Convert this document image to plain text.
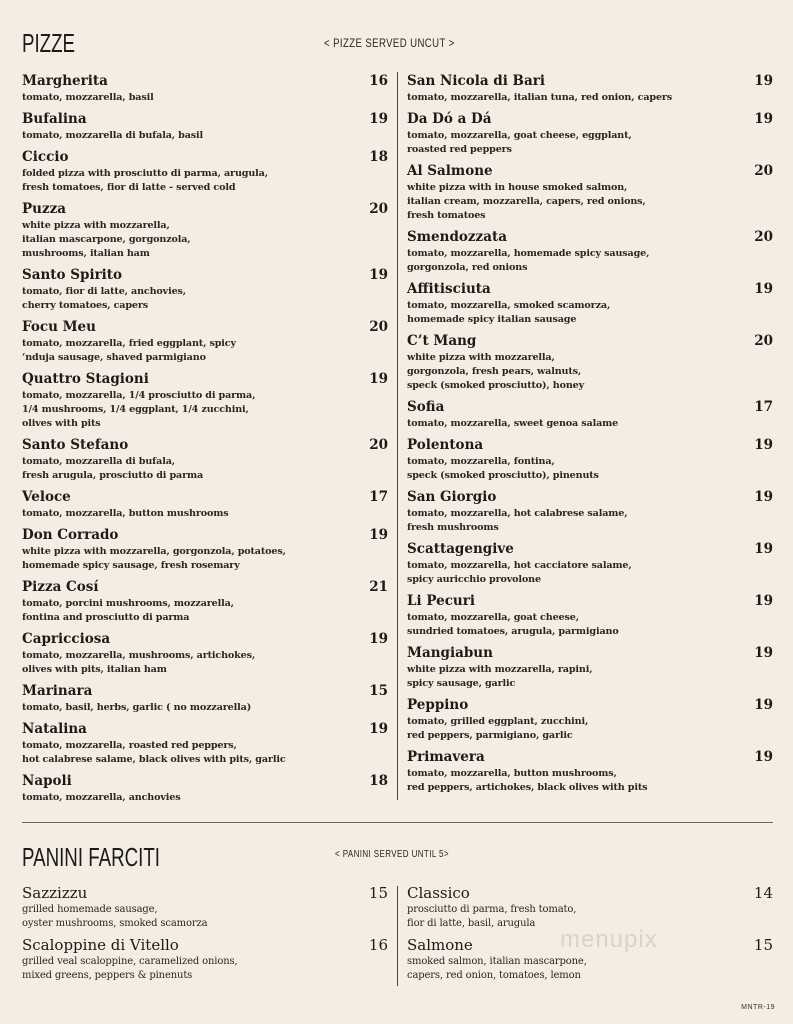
PIZZE	< PIZZE SERVED UNCUT >
Margherita	16
tomato, mozzarella, basil
Bufalina	19
tomato, mozzarella di bufala, basil
Ciccio	18
folded pizza with prosciutto di parma, arugula,
fresh tomatoes, fior di latte - served cold
Puzza	20
white pizza with mozzarella,
italian mascarpone, gorgonzola,
mushrooms, italian ham
Santo Spirito	19
tomato, fior di latte, anchovies,
cherry tomatoes, capers
Focu Meu	20
tomato, mozzarella, fried eggplant, spicy
‘nduja sausage, shaved parmigiano
Quattro Stagioni	19
tomato, mozzarella, 1/4 prosciutto di parma,
1/4 mushrooms, 1/4 eggplant, 1/4 zucchini,
olives with pits
Santo Stefano	20
tomato, mozzarella di bufala,
fresh arugula, prosciutto di parma
Veloce	17
tomato, mozzarella, button mushrooms
Don Corrado	19
white pizza with mozzarella, gorgonzola, potatoes,
homemade spicy sausage, fresh rosemary
Pizza Cosí	21
tomato, porcini mushrooms, mozzarella,
fontina and prosciutto di parma
Capricciosa	19
tomato, mozzarella, mushrooms, artichokes,
olives with pits, italian ham
Marinara	15
tomato, basil, herbs, garlic ( no mozzarella)
Natalina	19
tomato, mozzarella, roasted red peppers,
hot calabrese salame, black olives with pits, garlic
Napoli	18
tomato, mozzarella, anchovies
San Nicola di Bari	19
tomato, mozzarella, italian tuna, red onion, capers
Da Dó a Dá	19
tomato, mozzarella, goat cheese, eggplant,
roasted red peppers
Al Salmone	20
white pizza with in house smoked salmon,
italian cream, mozzarella, capers, red onions,
fresh tomatoes
Smendozzata	20
tomato, mozzarella, homemade spicy sausage,
gorgonzola, red onions
Affitisciuta	19
tomato, mozzarella, smoked scamorza,
homemade spicy italian sausage
C’t Mang	20
white pizza with mozzarella,
gorgonzola, fresh pears, walnuts,
speck (smoked prosciutto), honey
Sofia	17
tomato, mozzarella, sweet genoa salame
Polentona	19
tomato, mozzarella, fontina,
speck (smoked prosciutto), pinenuts
San Giorgio	19
tomato, mozzarella, hot calabrese salame,
fresh mushrooms
Scattagengive	19
tomato, mozzarella, hot cacciatore salame,
spicy auricchio provolone
Li Pecuri	19
tomato, mozzarella, goat cheese,
sundried tomatoes, arugula, parmigiano
Mangiabun	19
white pizza with mozzarella, rapini,
spicy sausage, garlic
Peppino	19
tomato, grilled eggplant, zucchini,
red peppers, parmigiano, garlic
Primavera	19
tomato, mozzarella, button mushrooms,
red peppers, artichokes, black olives with pits
PANINI FARCITI	< PANINI SERVED UNTIL 5>
Sazzizzu	15
grilled homemade sausage,
oyster mushrooms, smoked scamorza
Scaloppine di Vitello	16
grilled veal scaloppine, caramelized onions,
mixed greens, peppers & pinenuts
Classico	14
prosciutto di parma, fresh tomato,
fior di latte, basil, arugula
Salmone	15
smoked salmon, italian mascarpone,
capers, red onion, tomatoes, lemon
menupix
MNTR-19
